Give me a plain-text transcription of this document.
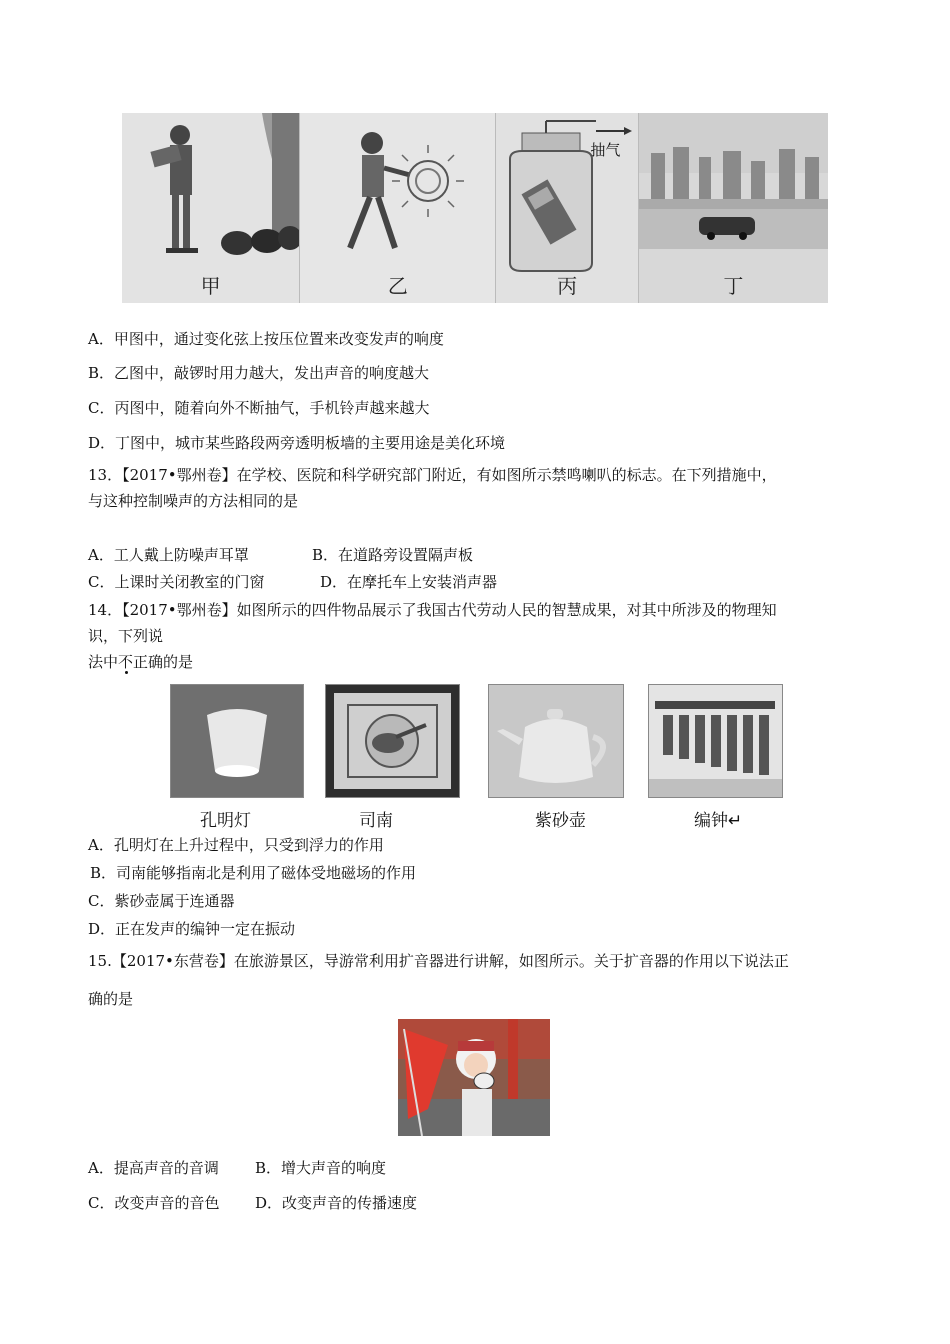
甲	乙
抽气
丙	丁
A．甲图中，通过变化弦上按压位置来改变发声的响度
B．乙图中，敲锣时用力越大，发出声音的响度越大
C．丙图中，随着向外不断抽气，手机铃声越来越大
D．丁图中，城市某些路段两旁透明板墙的主要用途是美化环境
13．【2017•鄂州卷】在学校、医院和科学研究部门附近，有如图所示禁鸣喇叭的标志。在下列措施中，
与这种控制噪声的方法相同的是
A．工人戴上防噪声耳罩	B．在道路旁设置隔声板
C．上课时关闭教室的门窗	D．在摩托车上安装消声器
14．【2017•鄂州卷】如图所示的四件物品展示了我国古代劳动人民的智慧成果，对其中所涉及的物理知
识，下列说
法中不正确的是
孔明灯	司南	紫砂壶	编钟↵
A．孔明灯在上升过程中，只受到浮力的作用
B．司南能够指南北是利用了磁体受地磁场的作用
C．紫砂壶属于连通器
D．正在发声的编钟一定在振动
15.【2017•东营卷】在旅游景区，导游常利用扩音器进行讲解，如图所示。关于扩音器的作用以下说法正
确的是
A．提高声音的音调 B．增大声音的响度
C．改变声音的音色 D．改变声音的传播速度
